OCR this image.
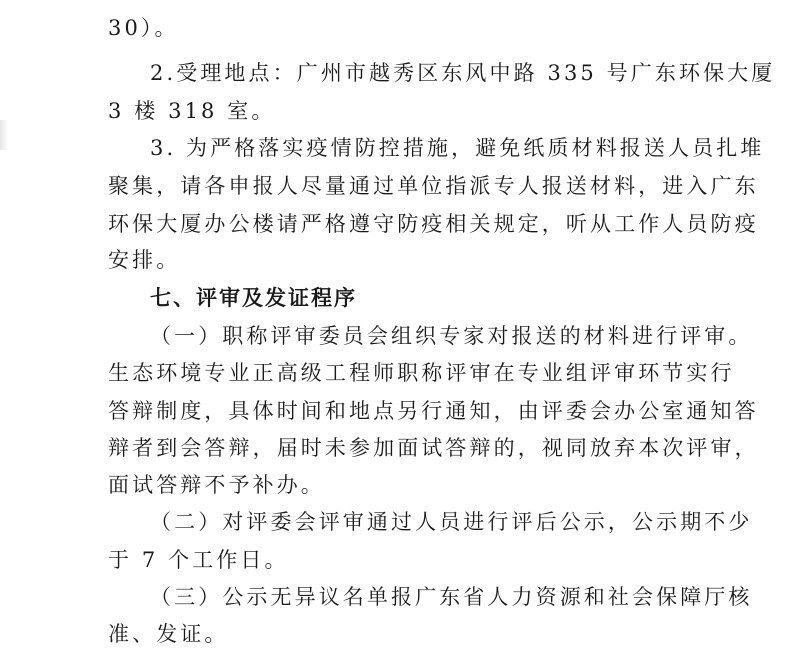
30）。
2.受理地点：广州市越秀区东风中路 335 号广东环保大厦
3 楼 318 室。
3. 为严格落实疫情防控措施，避免纸质材料报送人员扎堆
聚集，请各申报人尽量通过单位指派专人报送材料，进入广东
环保大厦办公楼请严格遵守防疫相关规定，听从工作人员防疫
安排。
七、评审及发证程序
（一）职称评审委员会组织专家对报送的材料进行评审。
生态环境专业正高级工程师职称评审在专业组评审环节实行
答辩制度，具体时间和地点另行通知，由评委会办公室通知答
辩者到会答辩，届时未参加面试答辩的，视同放弃本次评审，
面试答辩不予补办。
（二）对评委会评审通过人员进行评后公示，公示期不少
于 7 个工作日。
（三）公示无异议名单报广东省人力资源和社会保障厅核
准、发证。
